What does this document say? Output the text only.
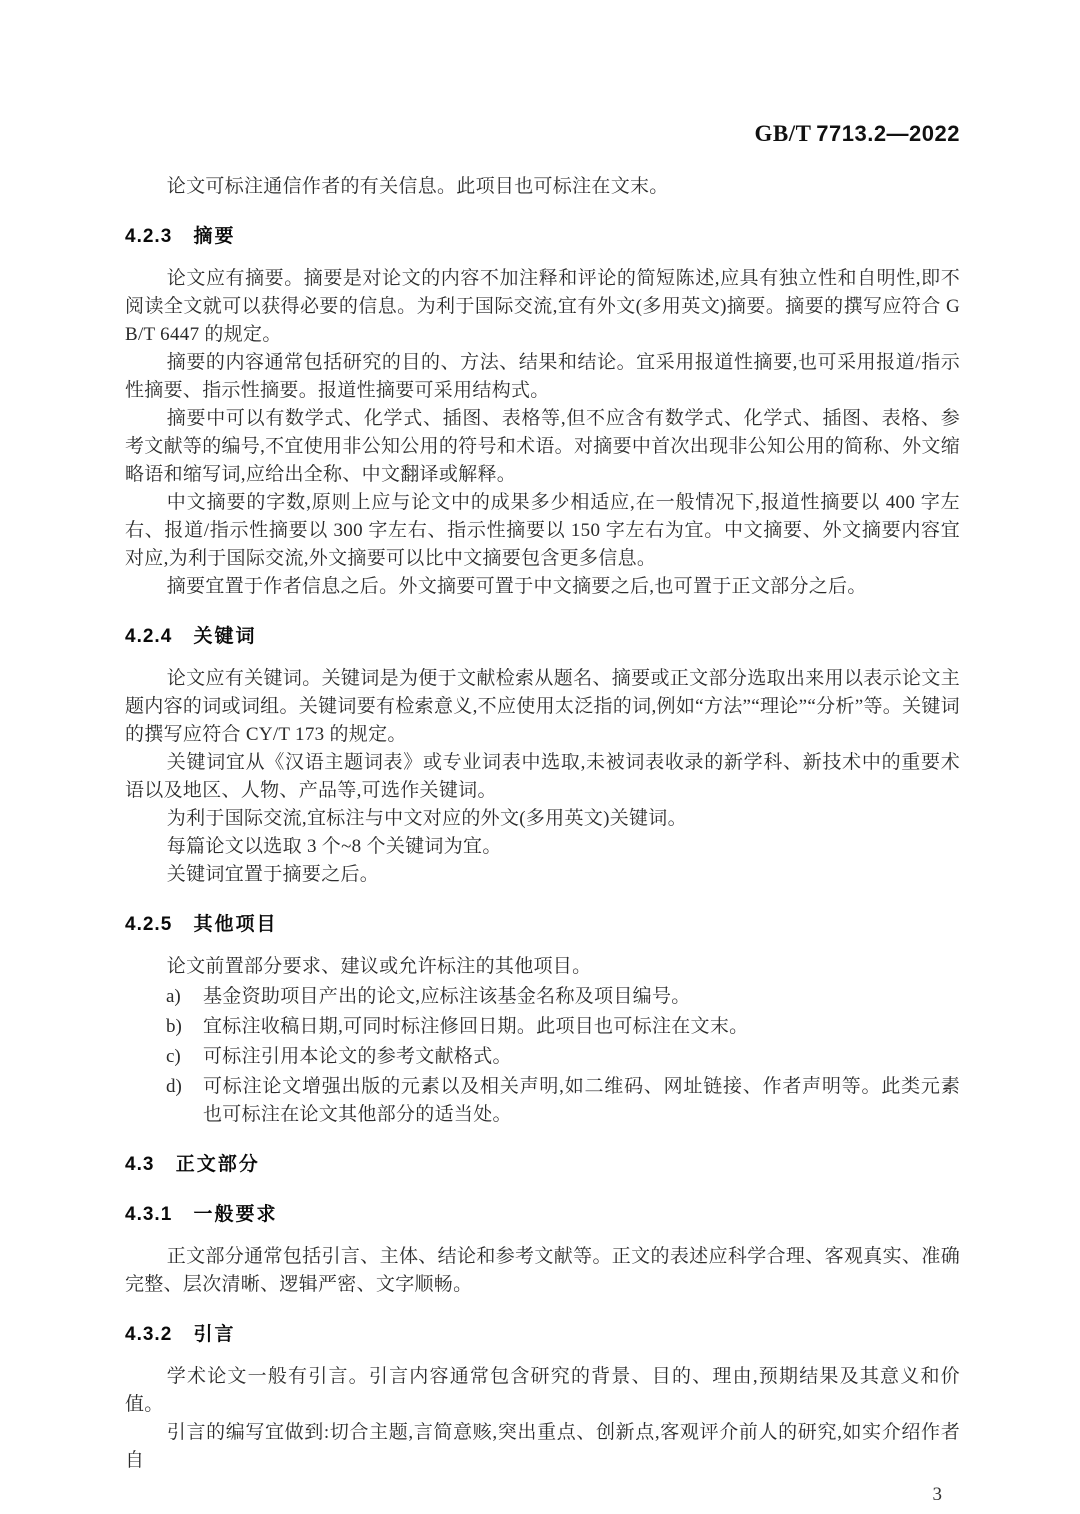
GB/T 7713.2—2022

论文可标注通信作者的有关信息。此项目也可标注在文末。

4.2.3 摘要

论文应有摘要。摘要是对论文的内容不加注释和评论的简短陈述,应具有独立性和自明性,即不阅读全文就可以获得必要的信息。为利于国际交流,宜有外文(多用英文)摘要。摘要的撰写应符合 GB/T 6447 的规定。

摘要的内容通常包括研究的目的、方法、结果和结论。宜采用报道性摘要,也可采用报道/指示性摘要、指示性摘要。报道性摘要可采用结构式。

摘要中可以有数学式、化学式、插图、表格等,但不应含有数学式、化学式、插图、表格、参考文献等的编号,不宜使用非公知公用的符号和术语。对摘要中首次出现非公知公用的简称、外文缩略语和缩写词,应给出全称、中文翻译或解释。

中文摘要的字数,原则上应与论文中的成果多少相适应,在一般情况下,报道性摘要以 400 字左右、报道/指示性摘要以 300 字左右、指示性摘要以 150 字左右为宜。中文摘要、外文摘要内容宜对应,为利于国际交流,外文摘要可以比中文摘要包含更多信息。

摘要宜置于作者信息之后。外文摘要可置于中文摘要之后,也可置于正文部分之后。

4.2.4 关键词

论文应有关键词。关键词是为便于文献检索从题名、摘要或正文部分选取出来用以表示论文主题内容的词或词组。关键词要有检索意义,不应使用太泛指的词,例如“方法”“理论”“分析”等。关键词的撰写应符合 CY/T 173 的规定。

关键词宜从《汉语主题词表》或专业词表中选取,未被词表收录的新学科、新技术中的重要术语以及地区、人物、产品等,可选作关键词。

为利于国际交流,宜标注与中文对应的外文(多用英文)关键词。

每篇论文以选取 3 个~8 个关键词为宜。

关键词宜置于摘要之后。

4.2.5 其他项目

论文前置部分要求、建议或允许标注的其他项目。

a)	基金资助项目产出的论文,应标注该基金名称及项目编号。
b)	宜标注收稿日期,可同时标注修回日期。此项目也可标注在文末。
c)	可标注引用本论文的参考文献格式。
d)	可标注论文增强出版的元素以及相关声明,如二维码、网址链接、作者声明等。此类元素也可标注在论文其他部分的适当处。
4.3 正文部分
4.3.1 一般要求

正文部分通常包括引言、主体、结论和参考文献等。正文的表述应科学合理、客观真实、准确完整、层次清晰、逻辑严密、文字顺畅。

4.3.2 引言

学术论文一般有引言。引言内容通常包含研究的背景、目的、理由,预期结果及其意义和价值。

引言的编写宜做到:切合主题,言简意赅,突出重点、创新点,客观评介前人的研究,如实介绍作者自

3
